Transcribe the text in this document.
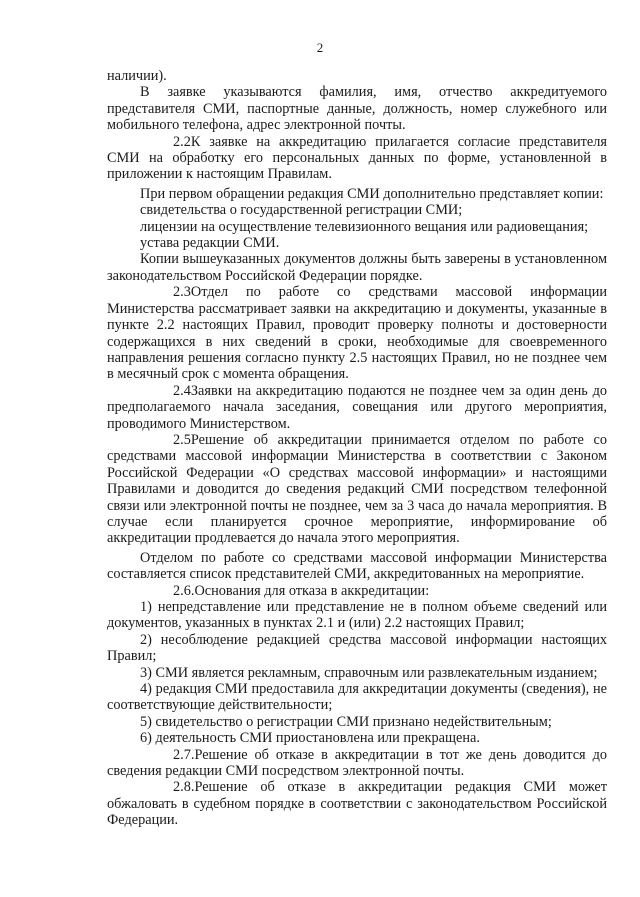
2

наличии).

В заявке указываются фамилия, имя, отчество аккредитуемого представителя СМИ, паспортные данные, должность, номер служебного или мобильного телефона, адрес электронной почты.

2.2К заявке на аккредитацию прилагается согласие представителя СМИ на обработку его персональных данных по форме, установленной в приложении к настоящим Правилам.

При первом обращении редакция СМИ дополнительно представляет копии:

свидетельства о государственной регистрации СМИ;

лицензии на осуществление телевизионного вещания или радиовещания;

устава редакции СМИ.

Копии вышеуказанных документов должны быть заверены в установленном законодательством Российской Федерации порядке.

2.3Отдел по работе со средствами массовой информации Министерства рассматривает заявки на аккредитацию и документы, указанные в пункте 2.2 настоящих Правил, проводит проверку полноты и достоверности содержащихся в них сведений в сроки, необходимые для своевременного направления решения согласно пункту 2.5 настоящих Правил, но не позднее чем в месячный срок с момента обращения.

2.4Заявки на аккредитацию подаются не позднее чем за один день до предполагаемого начала заседания, совещания или другого мероприятия, проводимого Министерством.

2.5Решение об аккредитации принимается отделом по работе со средствами массовой информации Министерства в соответствии с Законом Российской Федерации «О средствах массовой информации» и настоящими Правилами и доводится до сведения редакций СМИ посредством телефонной связи или электронной почты не позднее, чем за 3 часа до начала мероприятия. В случае если планируется срочное мероприятие, информирование об аккредитации продлевается до начала этого мероприятия.

Отделом по работе со средствами массовой информации Министерства составляется список представителей СМИ, аккредитованных на мероприятие.

2.6.Основания для отказа в аккредитации:

1) непредставление или представление не в полном объеме сведений или документов, указанных в пунктах 2.1 и (или) 2.2 настоящих Правил;

2) несоблюдение редакцией средства массовой информации настоящих Правил;

3) СМИ является рекламным, справочным или развлекательным изданием;

4) редакция СМИ предоставила для аккредитации документы (сведения), не соответствующие действительности;

5) свидетельство о регистрации СМИ признано недействительным;

6) деятельность СМИ приостановлена или прекращена.

2.7.Решение об отказе в аккредитации в тот же день доводится до сведения редакции СМИ посредством электронной почты.

2.8.Решение об отказе в аккредитации редакция СМИ может обжаловать в судебном порядке в соответствии с законодательством Российской Федерации.
